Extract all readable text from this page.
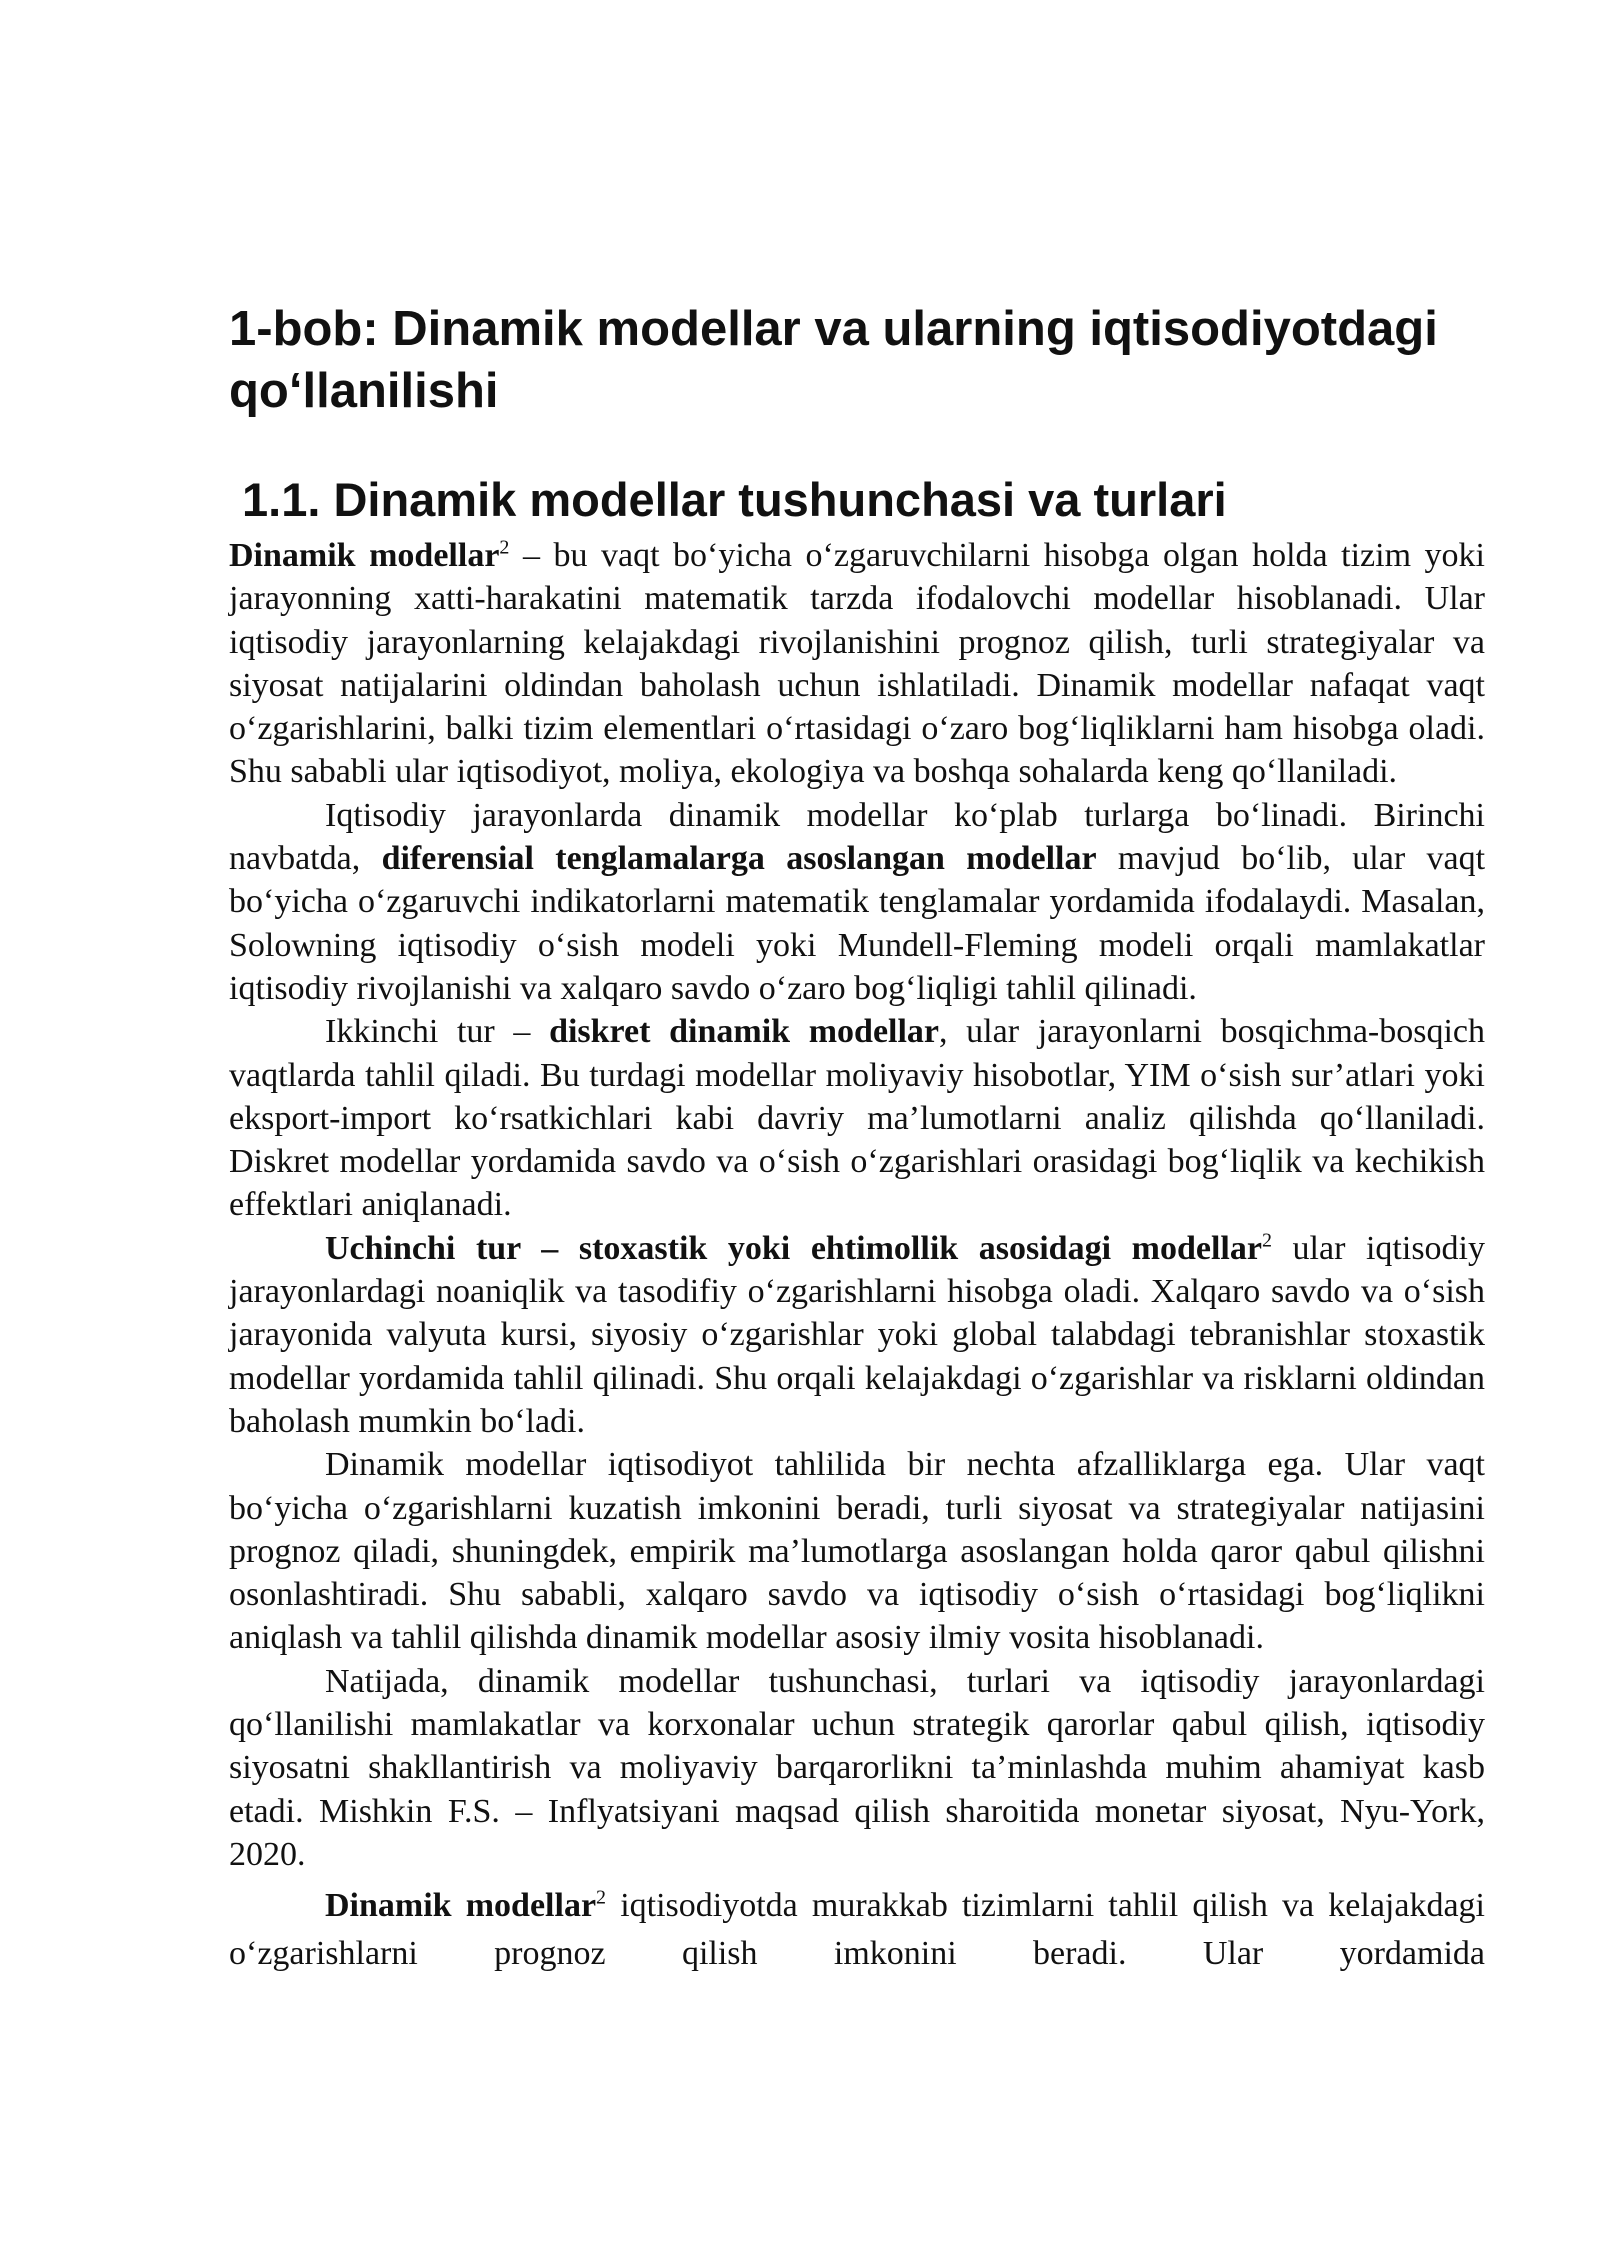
1-bob: Dinamik modellar va ularning iqtisodiyotdagi
qo‘llanilishi
1.1. Dinamik modellar tushunchasi va turlari

Dinamik modellar$^2$ – bu vaqt bo‘yicha o‘zgaruvchilarni hisobga olgan holda tizim yoki jarayonning xatti-harakatini matematik tarzda ifodalovchi modellar hisoblanadi. Ular iqtisodiy jarayonlarning kelajakdagi rivojlanishini prognoz qilish, turli strategiyalar va siyosat natijalarini oldindan baholash uchun ishlatiladi. Dinamik modellar nafaqat vaqt o‘zgarishlarini, balki tizim elementlari o‘rtasidagi o‘zaro bog‘liqliklarni ham hisobga oladi. Shu sababli ular iqtisodiyot, moliya, ekologiya va boshqa sohalarda keng qo‘llaniladi.

Iqtisodiy jarayonlarda dinamik modellar ko‘plab turlarga bo‘linadi. Birinchi navbatda, diferensial tenglamalarga asoslangan modellar mavjud bo‘lib, ular vaqt bo‘yicha o‘zgaruvchi indikatorlarni matematik tenglamalar yordamida ifodalaydi. Masalan, Solowning iqtisodiy o‘sish modeli yoki Mundell-Fleming modeli orqali mamlakatlar iqtisodiy rivojlanishi va xalqaro savdo o‘zaro bog‘liqligi tahlil qilinadi.

Ikkinchi tur – diskret dinamik modellar, ular jarayonlarni bosqichma-bosqich vaqtlarda tahlil qiladi. Bu turdagi modellar moliyaviy hisobotlar, YIM o‘sish sur’atlari yoki eksport-import ko‘rsatkichlari kabi davriy ma’lumotlarni analiz qilishda qo‘llaniladi. Diskret modellar yordamida savdo va o‘sish o‘zgarishlari orasidagi bog‘liqlik va kechikish effektlari aniqlanadi.

Uchinchi tur – stoxastik yoki ehtimollik asosidagi modellar$^2$ ular iqtisodiy jarayonlardagi noaniqlik va tasodifiy o‘zgarishlarni hisobga oladi. Xalqaro savdo va o‘sish jarayonida valyuta kursi, siyosiy o‘zgarishlar yoki global talabdagi tebranishlar stoxastik modellar yordamida tahlil qilinadi. Shu orqali kelajakdagi o‘zgarishlar va risklarni oldindan baholash mumkin bo‘ladi.

Dinamik modellar iqtisodiyot tahlilida bir nechta afzalliklarga ega. Ular vaqt bo‘yicha o‘zgarishlarni kuzatish imkonini beradi, turli siyosat va strategiyalar natijasini prognoz qiladi, shuningdek, empirik ma’lumotlarga asoslangan holda qaror qabul qilishni osonlashtiradi. Shu sababli, xalqaro savdo va iqtisodiy o‘sish o‘rtasidagi bog‘liqlikni aniqlash va tahlil qilishda dinamik modellar asosiy ilmiy vosita hisoblanadi.

Natijada, dinamik modellar tushunchasi, turlari va iqtisodiy jarayonlardagi qo‘llanilishi mamlakatlar va korxonalar uchun strategik qarorlar qabul qilish, iqtisodiy siyosatni shakllantirish va moliyaviy barqarorlikni ta’minlashda muhim ahamiyat kasb etadi. Mishkin F.S. – Inflyatsiyani maqsad qilish sharoitida monetar siyosat, Nyu-York, 2020.

Dinamik modellar$^2$ iqtisodiyotda murakkab tizimlarni tahlil qilish va kelajakdagi o‘zgarishlarni prognoz qilish imkonini beradi. Ular yordamida
